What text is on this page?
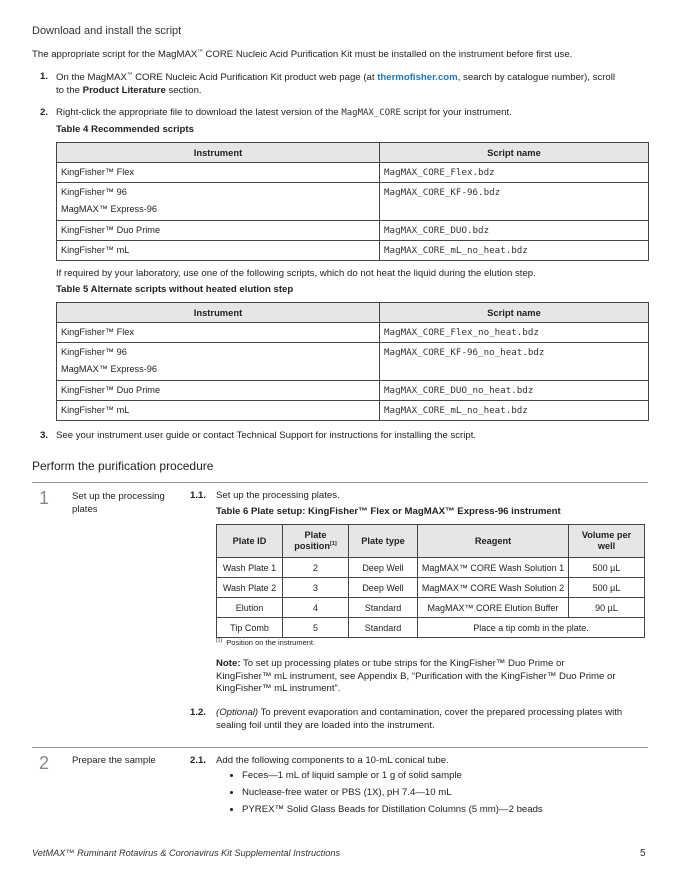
Download and install the script
The appropriate script for the MagMAX™ CORE Nucleic Acid Purification Kit must be installed on the instrument before first use.
1. On the MagMAX™ CORE Nucleic Acid Purification Kit product web page (at thermofisher.com, search by catalogue number), scroll
to the Product Literature section.
2. Right-click the appropriate file to download the latest version of the MagMAX_CORE script for your instrument.
Table 4 Recommended scripts
Instrument	Script name
KingFisher™ Flex	MagMAX_CORE_Flex.bdz
KingFisher™ 96
MagMAX™ Express-96	MagMAX_CORE_KF-96.bdz
KingFisher™ Duo Prime	MagMAX_CORE_DUO.bdz
KingFisher™ mL	MagMAX_CORE_mL_no_heat.bdz
If required by your laboratory, use one of the following scripts, which do not heat the liquid during the elution step.
Table 5 Alternate scripts without heated elution step
Instrument	Script name
KingFisher™ Flex	MagMAX_CORE_Flex_no_heat.bdz
KingFisher™ 96
MagMAX™ Express-96	MagMAX_CORE_KF-96_no_heat.bdz
KingFisher™ Duo Prime	MagMAX_CORE_DUO_no_heat.bdz
KingFisher™ mL	MagMAX_CORE_mL_no_heat.bdz
3. See your instrument user guide or contact Technical Support for instructions for installing the script.
Perform the purification procedure
1 Set up the processing plates
1.1. Set up the processing plates.
Table 6 Plate setup: KingFisher™ Flex or MagMAX™ Express-96 instrument
Plate ID	Plate position[1]	Plate type	Reagent	Volume per well
Wash Plate 1	2	Deep Well	MagMAX™ CORE Wash Solution 1	500 µL
Wash Plate 2	3	Deep Well	MagMAX™ CORE Wash Solution 2	500 µL
Elution	4	Standard	MagMAX™ CORE Elution Buffer	90 µL
Tip Comb	5	Standard	Place a tip comb in the plate.	
[1] Position on the instrument.
Note: To set up processing plates or tube strips for the KingFisher™ Duo Prime or
KingFisher™ mL instrument, see Appendix B, “Purification with the KingFisher™ Duo Prime or
KingFisher™ mL instrument”.
1.2. (Optional) To prevent evaporation and contamination, cover the prepared processing plates with
sealing foil until they are loaded into the instrument.
2 Prepare the sample	2.1. Add the following components to a 10-mL conical tube.
• Feces—1 mL of liquid sample or 1 g of solid sample
• Nuclease-free water or PBS (1X), pH 7.4—10 mL
• PYREX™ Solid Glass Beads for Distillation Columns (5 mm)—2 beads
VetMAX™ Ruminant Rotavirus & Coronavirus Kit Supplemental Instructions	5
